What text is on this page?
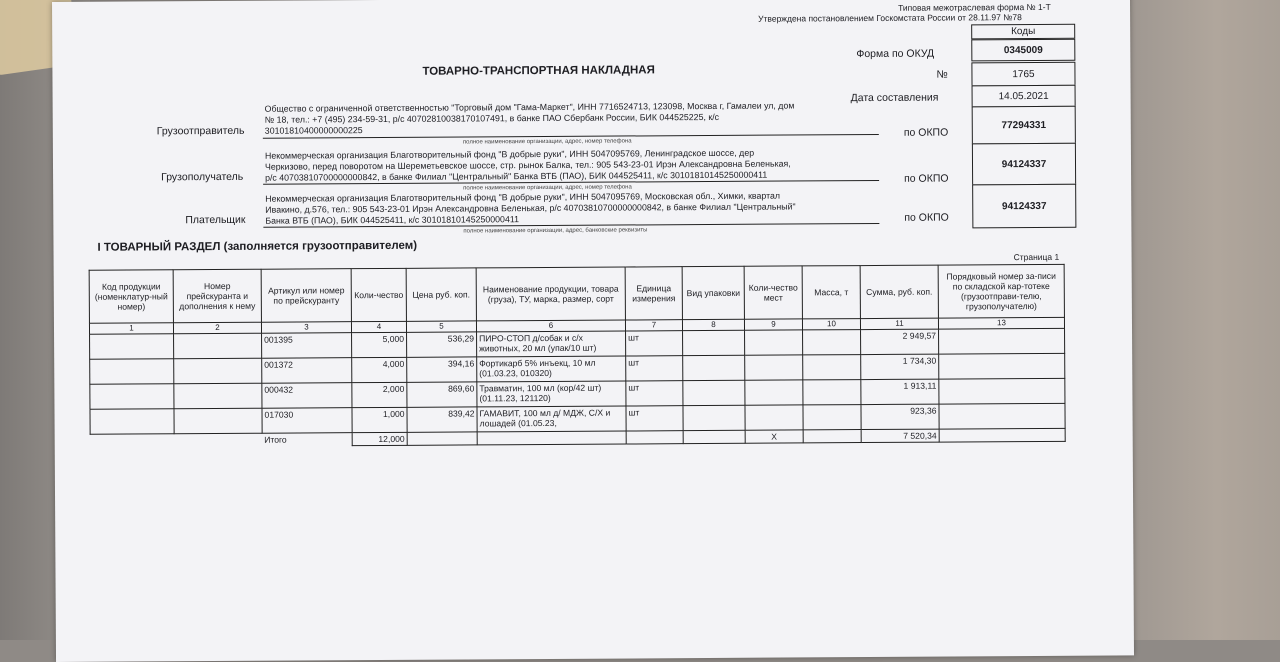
Типовая межотраслевая форма № 1-Т
Утверждена постановлением Госкомстата России от 28.11.97 №78
Коды
Форма по ОКУД	0345009
№	1765
Дата составления	14.05.2021
ТОВАРНО-ТРАНСПОРТНАЯ НАКЛАДНАЯ
Грузоотправитель
Общество с ограниченной ответственностью "Торговый дом "Гама-Маркет", ИНН 7716524713, 123098, Москва г, Гамалеи ул, дом
№ 18, тел.: +7 (495) 234-59-31, р/с 40702810038170107491, в банке ПАО Сбербанк России, БИК 044525225, к/с
30101810400000000225
полное наименование организации, адрес, номер телефона
по ОКПО
77294331
Грузополучатель
Некоммерческая организация Благотворительный фонд "В добрые руки", ИНН 5047095769, Ленинградское шоссе, дер
Черкизово, перед поворотом на Шереметьевское шоссе, стр. рынок Балка, тел.: 905 543-23-01 Ирэн Александровна Беленькая,
р/с 40703810700000000842, в банке Филиал "Центральный" Банка ВТБ (ПАО), БИК 044525411, к/с 30101810145250000411
полное наименование организации, адрес, номер телефона
по ОКПО
94124337
Плательщик
Некоммерческая организация Благотворительный фонд "В добрые руки", ИНН 5047095769, Московская обл., Химки, квартал
Ивакино, д.576, тел.: 905 543-23-01 Ирэн Александровна Беленькая, р/с 40703810700000000842, в банке Филиал "Центральный"
Банка ВТБ (ПАО), БИК 044525411, к/с 30101810145250000411
полное наименование организации, адрес, банковские реквизиты
по ОКПО
94124337
I ТОВАРНЫЙ РАЗДЕЛ (заполняется грузоотправителем)
Страница 1
Код продукции (номенклатур-ный номер)	Номер прейскуранта и дополнения к нему	Артикул или номер по прейскуранту	Коли-чество	Цена руб. коп.	Наименование продукции, товара (груза), ТУ, марка, размер, сорт	Единица измерения	Вид упаковки	Коли-чество мест	Масса, т	Сумма, руб. коп.	Порядковый номер за-писи по складской кар-тотеке (грузоотправи-телю, грузополучателю)
1	2	3	4	5	6	7	8	9	10	11	13
		001395	5,000	536,29	ПИРО-СТОП д/собак и с/х животных, 20 мл (упак/10 шт)	шт				2 949,57	
		001372	4,000	394,16	Фортикарб 5% инъекц, 10 мл (01.03.23, 010320)	шт				1 734,30	
		000432	2,000	869,60	Травматин, 100 мл (кор/42 шт) (01.11.23, 121120)	шт				1 913,11	
		017030	1,000	839,42	ГАМАВИТ, 100 мл д/ МДЖ, С/Х и лошадей (01.05.23,	шт				923,36	
		Итого	12,000					Х		7 520,34	
